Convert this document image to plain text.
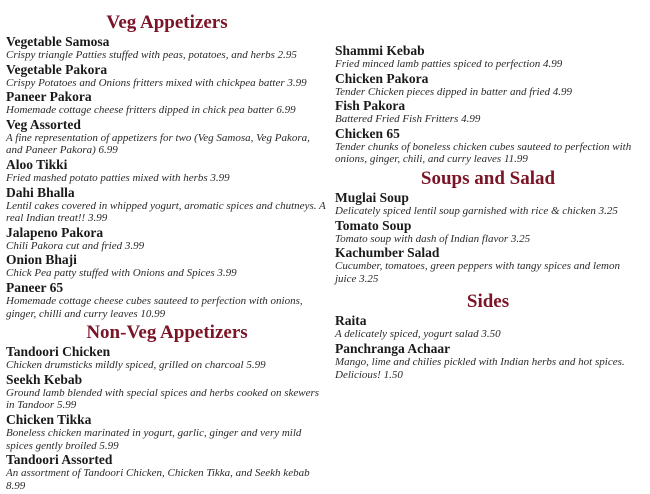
Veg Appetizers
Vegetable Samosa
Crispy triangle Patties stuffed with peas, potatoes, and herbs 2.95
Vegetable Pakora
Crispy Potatoes and Onions fritters mixed with chickpea batter 3.99
Paneer Pakora
Homemade cottage cheese fritters dipped in chick pea batter 6.99
Veg Assorted
A fine representation of appetizers for two (Veg Samosa, Veg Pakora, and Paneer Pakora) 6.99
Aloo Tikki
Fried mashed potato patties mixed with herbs 3.99
Dahi Bhalla
Lentil cakes covered in whipped yogurt, aromatic spices and chutneys. A real Indian treat!! 3.99
Jalapeno Pakora
Chili Pakora cut and fried 3.99
Onion Bhaji
Chick Pea patty stuffed with Onions and Spices 3.99
Paneer 65
Homemade cottage cheese cubes sauteed to perfection with onions, ginger, chilli and curry leaves 10.99
Non-Veg Appetizers
Tandoori Chicken
Chicken drumsticks mildly spiced, grilled on charcoal 5.99
Seekh Kebab
Ground lamb blended with special spices and herbs cooked on skewers in Tandoor 5.99
Chicken Tikka
Boneless chicken marinated in yogurt, garlic, ginger and very mild spices gently broiled 5.99
Tandoori Assorted
An assortment of Tandoori Chicken, Chicken Tikka, and Seekh kebab 8.99
Shammi Kebab
Fried minced lamb patties spiced to perfection 4.99
Chicken Pakora
Tender Chicken pieces dipped in batter and fried 4.99
Fish Pakora
Battered Fried Fish Fritters 4.99
Chicken 65
Tender chunks of boneless chicken cubes sauteed to perfection with onions, ginger, chili, and curry leaves 11.99
Soups and Salad
Muglai Soup
Delicately spiced lentil soup garnished with rice & chicken 3.25
Tomato Soup
Tomato soup with dash of Indian flavor 3.25
Kachumber Salad
Cucumber, tomatoes, green peppers with tangy spices and lemon juice 3.25
Sides
Raita
A delicately spiced, yogurt salad 3.50
Panchranga Achaar
Mango, lime and chilies pickled with Indian herbs and hot spices. Delicious! 1.50
